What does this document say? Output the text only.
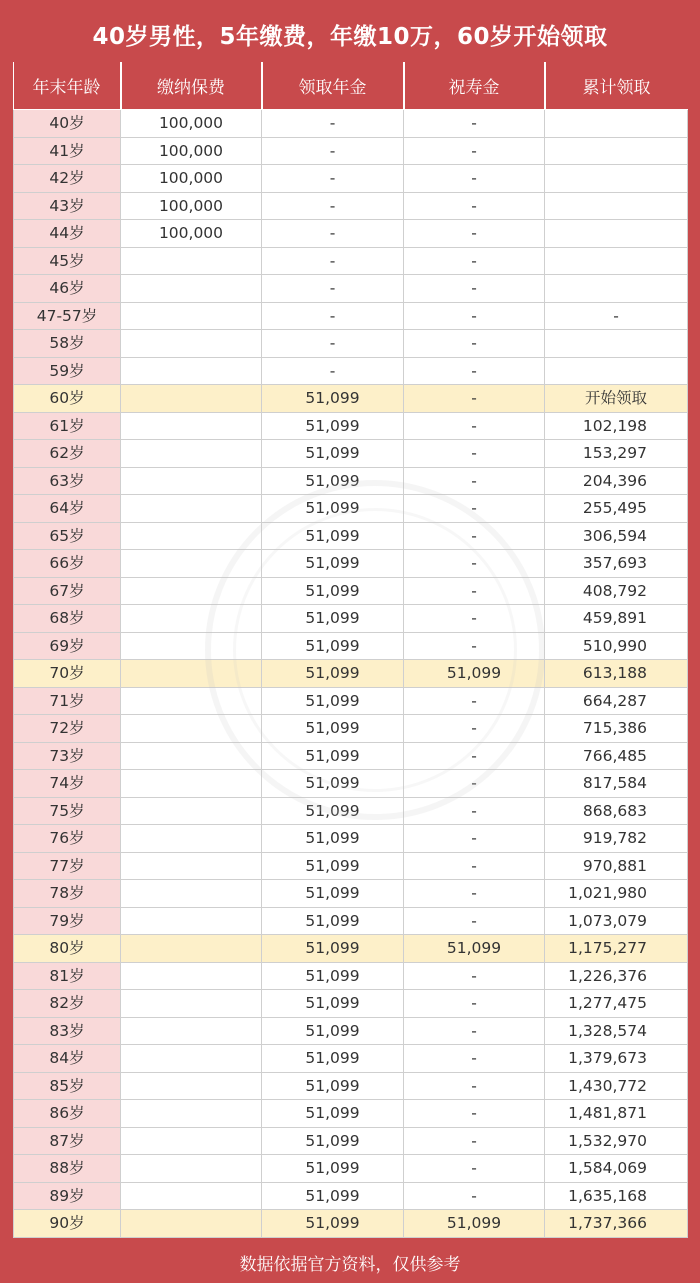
40岁男性，5年缴费，年缴10万，60岁开始领取
年末年龄	缴纳保费	领取年金	祝寿金	累计领取
40岁	100,000	-	-	
41岁	100,000	-	-	
42岁	100,000	-	-	
43岁	100,000	-	-	
44岁	100,000	-	-	
45岁		-	-	
46岁		-	-	
47-57岁		-	-	-
58岁		-	-	
59岁		-	-	
60岁		51,099	-	开始领取
61岁		51,099	-	102,198
62岁		51,099	-	153,297
63岁		51,099	-	204,396
64岁		51,099	-	255,495
65岁		51,099	-	306,594
66岁		51,099	-	357,693
67岁		51,099	-	408,792
68岁		51,099	-	459,891
69岁		51,099	-	510,990
70岁		51,099	51,099	613,188
71岁		51,099	-	664,287
72岁		51,099	-	715,386
73岁		51,099	-	766,485
74岁		51,099	-	817,584
75岁		51,099	-	868,683
76岁		51,099	-	919,782
77岁		51,099	-	970,881
78岁		51,099	-	1,021,980
79岁		51,099	-	1,073,079
80岁		51,099	51,099	1,175,277
81岁		51,099	-	1,226,376
82岁		51,099	-	1,277,475
83岁		51,099	-	1,328,574
84岁		51,099	-	1,379,673
85岁		51,099	-	1,430,772
86岁		51,099	-	1,481,871
87岁		51,099	-	1,532,970
88岁		51,099	-	1,584,069
89岁		51,099	-	1,635,168
90岁		51,099	51,099	1,737,366
数据依据官方资料，仅供参考
